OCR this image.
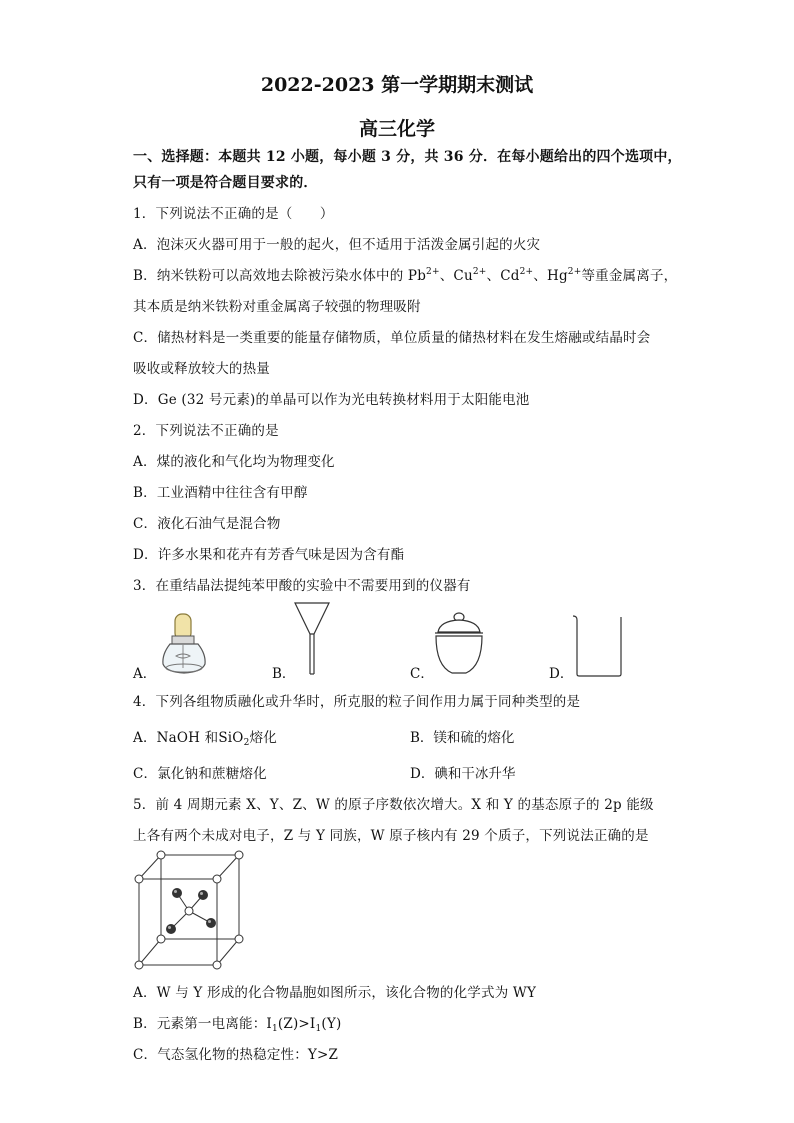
2022-2023 第一学期期末测试
高三化学
一、选择题：本题共 12 小题，每小题 3 分，共 36 分．在每小题给出的四个选项中，
只有一项是符合题目要求的．
1．下列说法不正确的是（　　）
A．泡沫灭火器可用于一般的起火，但不适用于活泼金属引起的火灾
B．纳米铁粉可以高效地去除被污染水体中的 $Pb^{2+}$、$Cu^{2+}$、$Cd^{2+}$、$Hg^{2+}$等重金属离子，
其本质是纳米铁粉对重金属离子较强的物理吸附
C．储热材料是一类重要的能量存储物质，单位质量的储热材料在发生熔融或结晶时会
吸收或释放较大的热量
D．Ge (32 号元素)的单晶可以作为光电转换材料用于太阳能电池
2．下列说法不正确的是
A．煤的液化和气化均为物理变化
B．工业酒精中往往含有甲醇
C．液化石油气是混合物
D．许多水果和花卉有芳香气味是因为含有酯
3．在重结晶法提纯苯甲酸的实验中不需要用到的仪器有
A．	B．	C．	D．
4．下列各组物质融化或升华时，所克服的粒子间作用力属于同种类型的是
A．NaOH 和SiO$_2$熔化	B．镁和硫的熔化
C．氯化钠和蔗糖熔化	D．碘和干冰升华
5．前 4 周期元素 X、Y、Z、W 的原子序数依次增大。X 和 Y 的基态原子的 2p 能级
上各有两个未成对电子，Z 与 Y 同族，W 原子核内有 29 个质子，下列说法正确的是
A．W 与 Y 形成的化合物晶胞如图所示，该化合物的化学式为 WY
B．元素第一电离能：$I_1(Z)>I_1(Y)$
C．气态氢化物的热稳定性：Y>Z
